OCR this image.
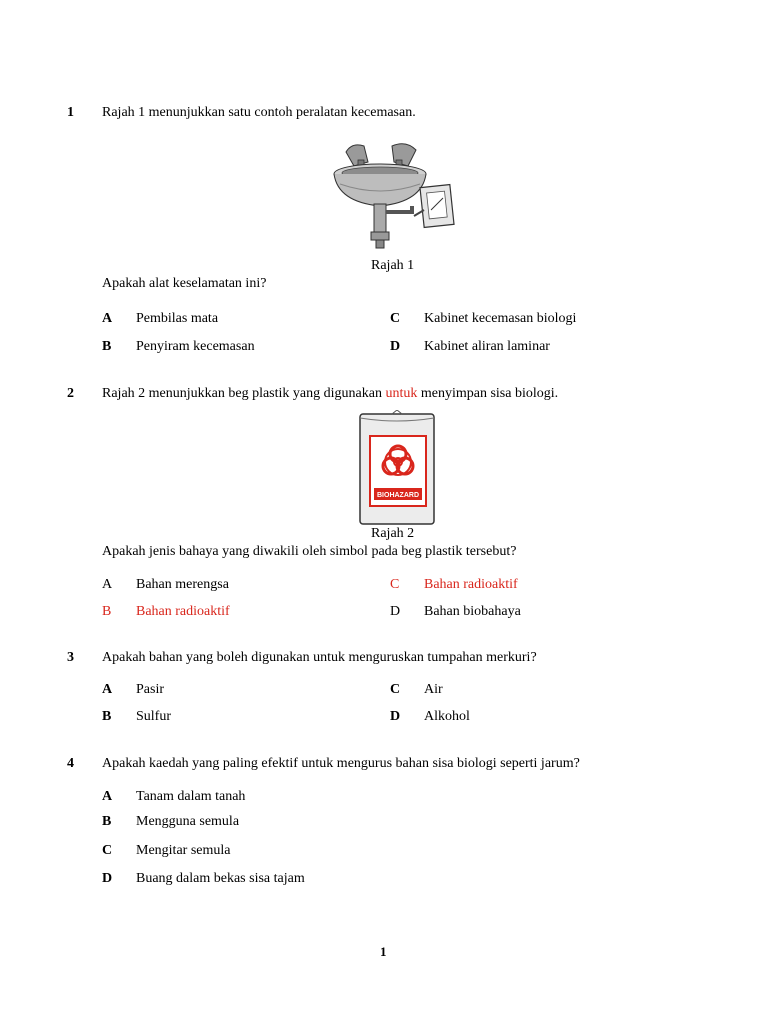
1 Rajah 1 menunjukkan satu contoh peralatan kecemasan.
Rajah 1
Apakah alat keselamatan ini?
A Pembilas mata
B Penyiram kecemasan
C Kabinet kecemasan biologi
D Kabinet aliran laminar
2 Rajah 2 menunjukkan beg plastik yang digunakan untuk menyimpan sisa biologi.
BIOHAZARD
Rajah 2
Apakah jenis bahaya yang diwakili oleh simbol pada beg plastik tersebut?
A Bahan merengsa
B Bahan radioaktif
C Bahan radioaktif
D Bahan biobahaya
3 Apakah bahan yang boleh digunakan untuk menguruskan tumpahan merkuri?
A Pasir
B Sulfur
C Air
D Alkohol
4 Apakah kaedah yang paling efektif untuk mengurus bahan sisa biologi seperti jarum?
A Tanam dalam tanah
B Mengguna semula
C Mengitar semula
D Buang dalam bekas sisa tajam
1
